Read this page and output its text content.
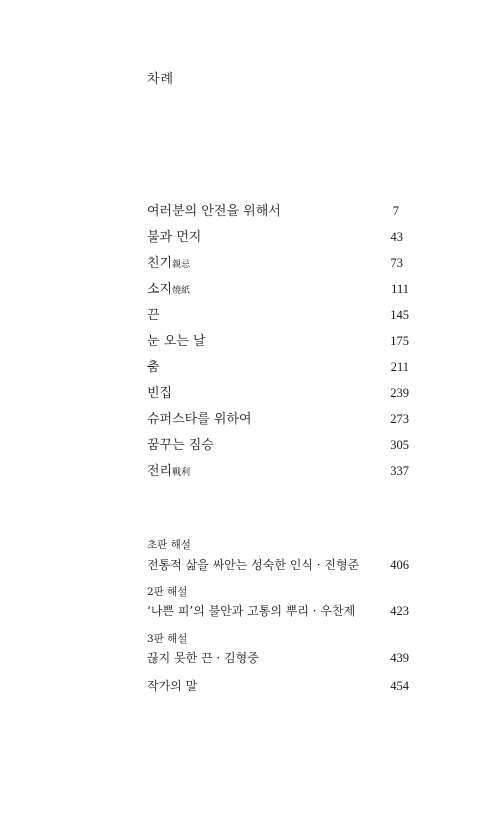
차례
여러분의 안전을 위해서	7
불과 먼지	43
친기親忌	73
소지燒紙	111
끈	145
눈 오는 날	175
춤	211
빈집	239
슈퍼스타를 위하여	273
꿈꾸는 짐승	305
전리戰利	337
초판 해설
전통적 삶을 싸안는 성숙한 인식 · 진형준 406
2판 해설
‘나쁜 피’의 불안과 고통의 뿌리 · 우찬제	423
3판 해설
끊지 못한 끈 · 김형중	439
작가의 말	454
